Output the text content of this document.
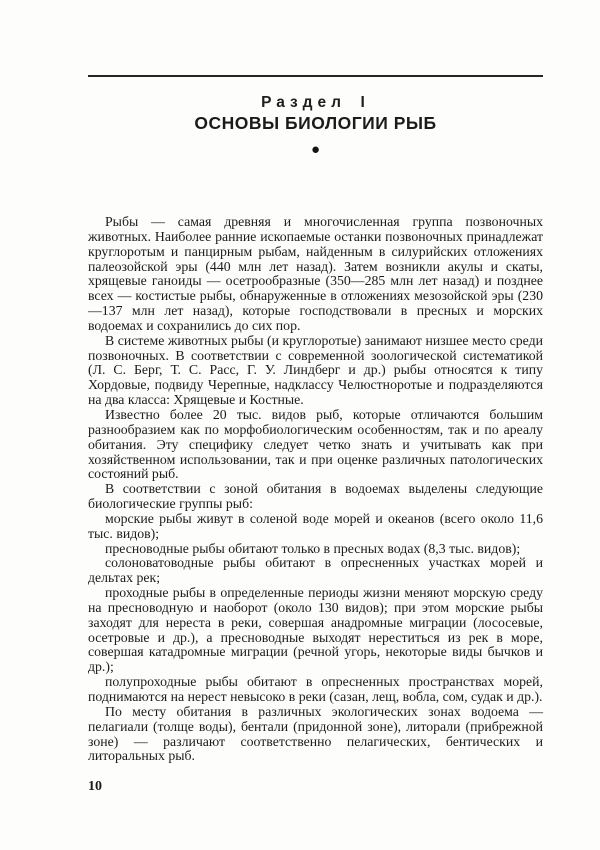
Раздел I
ОСНОВЫ БИОЛОГИИ РЫБ
●

Рыбы — самая древняя и многочисленная группа позвоночных животных. Наиболее ранние ископаемые останки позвоночных принадлежат круглоротым и панцирным рыбам, найденным в силурийских отложениях палеозойской эры (440 млн лет назад). Затем возникли акулы и скаты, хрящевые ганоиды — осетрообразные (350—285 млн лет назад) и позднее всех — костистые рыбы, обнаруженные в отложениях мезозойской эры (230—137 млн лет назад), которые господствовали в пресных и морских водоемах и сохранились до сих пор.

В системе животных рыбы (и круглоротые) занимают низшее место среди позвоночных. В соответствии с современной зоологической систематикой (Л. С. Берг, Т. С. Расс, Г. У. Линдберг и др.) рыбы относятся к типу Хордовые, подвиду Черепные, надклассу Челюстноротые и подразделяются на два класса: Хрящевые и Костные.

Известно более 20 тыс. видов рыб, которые отличаются большим разнообразием как по морфобиологическим особенностям, так и по ареалу обитания. Эту специфику следует четко знать и учитывать как при хозяйственном использовании, так и при оценке различных патологических состояний рыб.

В соответствии с зоной обитания в водоемах выделены следующие биологические группы рыб:

морские рыбы живут в соленой воде морей и океанов (всего около 11,6 тыс. видов);

пресноводные рыбы обитают только в пресных водах (8,3 тыс. видов);

солоноватоводные рыбы обитают в опресненных участках морей и дельтах рек;

проходные рыбы в определенные периоды жизни меняют морскую среду на пресноводную и наоборот (около 130 видов); при этом морские рыбы заходят для нереста в реки, совершая анадромные миграции (лососевые, осетровые и др.), а пресноводные выходят нереститься из рек в море, совершая катадромные миграции (речной угорь, некоторые виды бычков и др.);

полупроходные рыбы обитают в опресненных пространствах морей, поднимаются на нерест невысоко в реки (сазан, лещ, вобла, сом, судак и др.).

По месту обитания в различных экологических зонах водоема — пелагиали (толще воды), бентали (придонной зоне), литорали (прибрежной зоне) — различают соответственно пелагических, бентических и литоральных рыб.

10
